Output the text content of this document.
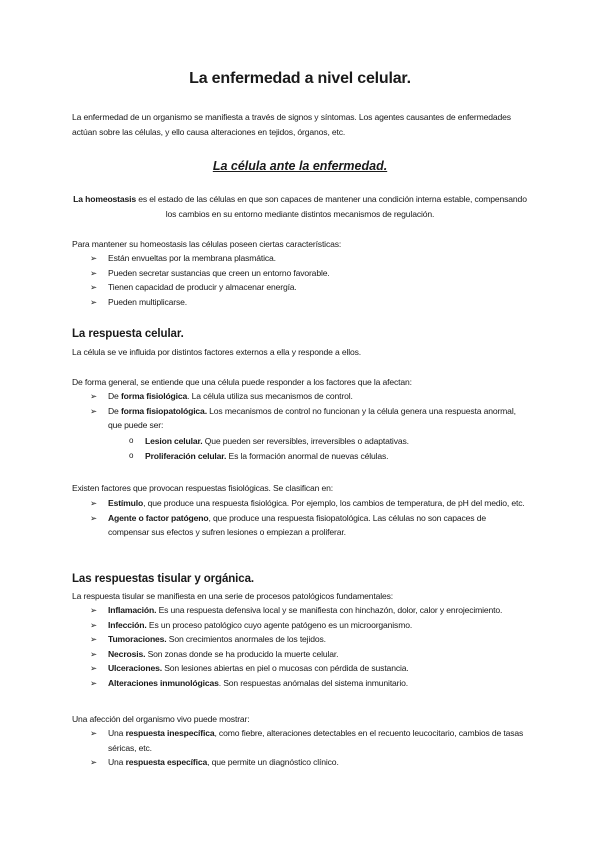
La enfermedad a nivel celular.

La enfermedad de un organismo se manifiesta a través de signos y síntomas. Los agentes causantes de enfermedades actúan sobre las células, y ello causa alteraciones en tejidos, órganos, etc.

La célula ante la enfermedad.

La homeostasis es el estado de las células en que son capaces de mantener una condición interna estable, compensando los cambios en su entorno mediante distintos mecanismos de regulación.

Para mantener su homeostasis las células poseen ciertas características:

➢ Están envueltas por la membrana plasmática.
➢ Pueden secretar sustancias que creen un entorno favorable.
➢ Tienen capacidad de producir y almacenar energía.
➢ Pueden multiplicarse.
La respuesta celular.

La célula se ve influida por distintos factores externos a ella y responde a ellos.

De forma general, se entiende que una célula puede responder a los factores que la afectan:

➢ De forma fisiológica. La célula utiliza sus mecanismos de control.
➢ De forma fisiopatológica. Los mecanismos de control no funcionan y la célula genera una respuesta anormal, que puede ser:
o Lesion celular. Que pueden ser reversibles, irreversibles o adaptativas.
o Proliferación celular. Es la formación anormal de nuevas células.

Existen factores que provocan respuestas fisiológicas. Se clasifican en:

➢ Estímulo, que produce una respuesta fisiológica. Por ejemplo, los cambios de temperatura, de pH del medio, etc.
➢ Agente o factor patógeno, que produce una respuesta fisiopatológica. Las células no son capaces de compensar sus efectos y sufren lesiones o empiezan a proliferar.
Las respuestas tisular y orgánica.

La respuesta tisular se manifiesta en una serie de procesos patológicos fundamentales:

➢ Inflamación. Es una respuesta defensiva local y se manifiesta con hinchazón, dolor, calor y enrojecimiento.
➢ Infección. Es un proceso patológico cuyo agente patógeno es un microorganismo.
➢ Tumoraciones. Son crecimientos anormales de los tejidos.
➢ Necrosis. Son zonas donde se ha producido la muerte celular.
➢ Ulceraciones. Son lesiones abiertas en piel o mucosas con pérdida de sustancia.
➢ Alteraciones inmunológicas. Son respuestas anómalas del sistema inmunitario.

Una afección del organismo vivo puede mostrar:

➢ Una respuesta inespecífica, como fiebre, alteraciones detectables en el recuento leucocitario, cambios de tasas séricas, etc.
➢ Una respuesta específica, que permite un diagnóstico clínico.
